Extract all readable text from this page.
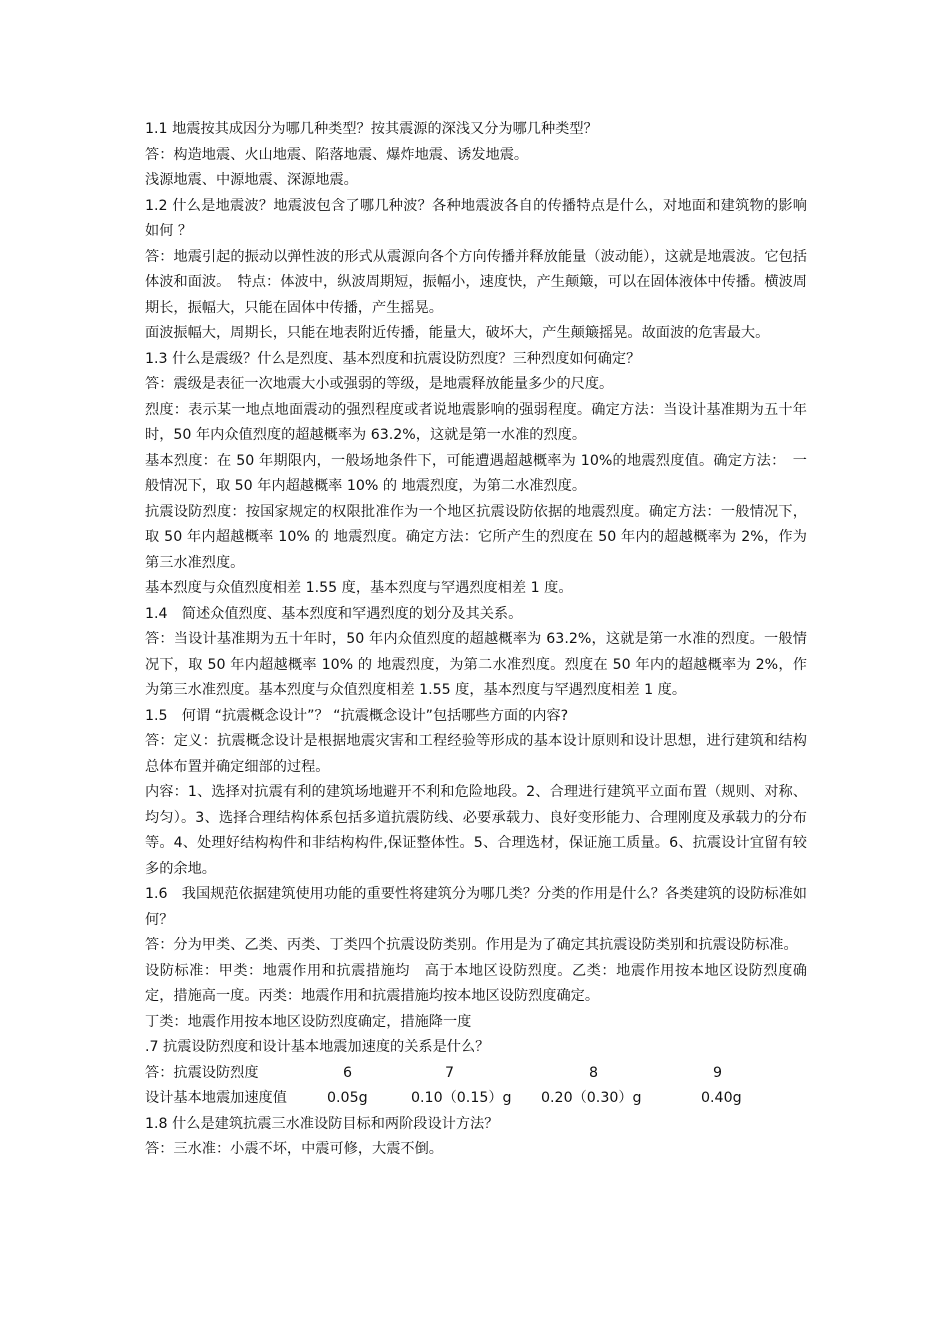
1.1 地震按其成因分为哪几种类型？按其震源的深浅又分为哪几种类型？

答：构造地震、火山地震、陷落地震、爆炸地震、诱发地震。

浅源地震、中源地震、深源地震。

1.2 什么是地震波？地震波包含了哪几种波？各种地震波各自的传播特点是什么，对地面和建筑物的影响如何 ？

答：地震引起的振动以弹性波的形式从震源向各个方向传播并释放能量（波动能），这就是地震波。它包括体波和面波。　特点：体波中，纵波周期短，振幅小，速度快，产生颠簸，可以在固体液体中传播。横波周期长，振幅大，只能在固体中传播，产生摇晃。

面波振幅大，周期长，只能在地表附近传播，能量大，破坏大，产生颠簸摇晃。故面波的危害最大。

1.3 什么是震级？什么是烈度、基本烈度和抗震设防烈度？三种烈度如何确定？

答：震级是表征一次地震大小或强弱的等级，是地震释放能量多少的尺度。

烈度：表示某一地点地面震动的强烈程度或者说地震影响的强弱程度。确定方法：当设计基准期为五十年时，50 年内众值烈度的超越概率为 63.2%，这就是第一水准的烈度。

基本烈度：在 50 年期限内，一般场地条件下，可能遭遇超越概率为 10%的地震烈度值。确定方法：　一般情况下，取 50 年内超越概率 10% 的 地震烈度，为第二水准烈度。

抗震设防烈度：按国家规定的权限批准作为一个地区抗震设防依据的地震烈度。确定方法：一般情况下，取 50 年内超越概率 10% 的 地震烈度。确定方法：它所产生的烈度在 50 年内的超越概率为 2%，作为第三水准烈度。

基本烈度与众值烈度相差 1.55 度，基本烈度与罕遇烈度相差 1 度。

1.4　简述众值烈度、基本烈度和罕遇烈度的划分及其关系。

答：当设计基准期为五十年时，50 年内众值烈度的超越概率为 63.2%，这就是第一水准的烈度。一般情况下，取 50 年内超越概率 10% 的 地震烈度，为第二水准烈度。烈度在 50 年内的超越概率为 2%，作为第三水准烈度。基本烈度与众值烈度相差 1.55 度，基本烈度与罕遇烈度相差 1 度。

1.5　何谓 “抗震概念设计”？ “抗震概念设计”包括哪些方面的内容?

答：定义：抗震概念设计是根据地震灾害和工程经验等形成的基本设计原则和设计思想，进行建筑和结构总体布置并确定细部的过程。

内容：1、选择对抗震有利的建筑场地避开不利和危险地段。2、合理进行建筑平立面布置（规则、对称、均匀）。3、选择合理结构体系包括多道抗震防线、必要承载力、良好变形能力、合理刚度及承载力的分布等。4、处理好结构构件和非结构构件,保证整体性。5、合理选材，保证施工质量。6、抗震设计宜留有较多的余地。

1.6　我国规范依据建筑使用功能的重要性将建筑分为哪几类？分类的作用是什么？各类建筑的设防标准如何？

答：分为甲类、乙类、丙类、丁类四个抗震设防类别。作用是为了确定其抗震设防类别和抗震设防标准。

设防标准：甲类：地震作用和抗震措施均　高于本地区设防烈度。乙类：地震作用按本地区设防烈度确定，措施高一度。丙类：地震作用和抗震措施均按本地区设防烈度确定。

丁类：地震作用按本地区设防烈度确定，措施降一度

.7 抗震设防烈度和设计基本地震加速度的关系是什么？

答：抗震设防烈度	6	7	8	9
设计基本地震加速度值	0.05g	0.10（0.15）g 0.20（0.30）g	0.40g

1.8 什么是建筑抗震三水准设防目标和两阶段设计方法？

答：三水准：小震不坏，中震可修，大震不倒。
